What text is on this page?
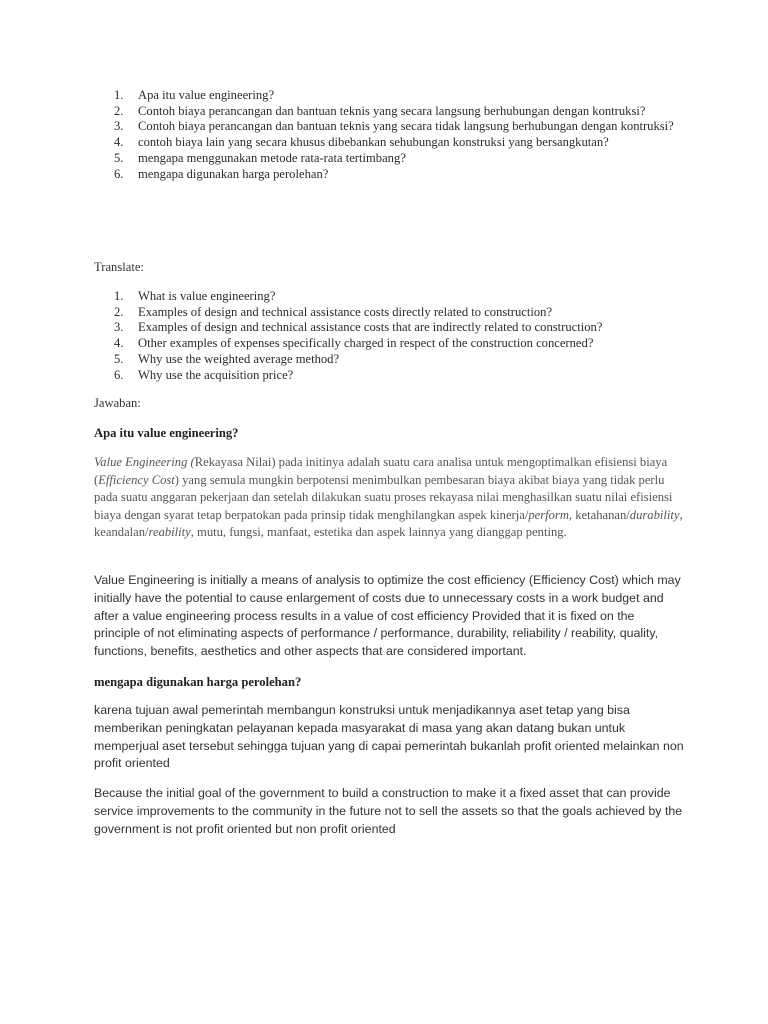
1. Apa itu value engineering?
2. Contoh biaya perancangan dan bantuan teknis yang secara langsung berhubungan dengan kontruksi?
3. Contoh biaya perancangan dan bantuan teknis yang secara tidak langsung berhubungan dengan kontruksi?
4. contoh biaya lain yang secara khusus dibebankan sehubungan konstruksi yang bersangkutan?
5. mengapa menggunakan metode rata-rata tertimbang?
6. mengapa digunakan harga perolehan?

Translate:

1. What is value engineering?
2. Examples of design and technical assistance costs directly related to construction?
3. Examples of design and technical assistance costs that are indirectly related to construction?
4. Other examples of expenses specifically charged in respect of the construction concerned?
5. Why use the weighted average method?
6. Why use the acquisition price?

Jawaban:

Apa itu value engineering?

Value Engineering (Rekayasa Nilai) pada initinya adalah suatu cara analisa untuk mengoptimalkan efisiensi biaya (Efficiency Cost) yang semula mungkin berpotensi menimbulkan pembesaran biaya akibat biaya yang tidak perlu pada suatu anggaran pekerjaan dan setelah dilakukan suatu proses rekayasa nilai menghasilkan suatu nilai efisiensi biaya dengan syarat tetap berpatokan pada prinsip tidak menghilangkan aspek kinerja/perform, ketahanan/durability, keandalan/reability, mutu, fungsi, manfaat, estetika dan aspek lainnya yang dianggap penting.

Value Engineering is initially a means of analysis to optimize the cost efficiency (Efficiency Cost) which may initially have the potential to cause enlargement of costs due to unnecessary costs in a work budget and after a value engineering process results in a value of cost efficiency Provided that it is fixed on the principle of not eliminating aspects of performance / performance, durability, reliability / reability, quality, functions, benefits, aesthetics and other aspects that are considered important.

mengapa digunakan harga perolehan?

karena tujuan awal pemerintah membangun konstruksi untuk menjadikannya aset tetap yang bisa memberikan peningkatan pelayanan kepada masyarakat di masa yang akan datang bukan untuk memperjual aset tersebut sehingga tujuan yang di capai pemerintah bukanlah profit oriented melainkan non profit oriented

Because the initial goal of the government to build a construction to make it a fixed asset that can provide service improvements to the community in the future not to sell the assets so that the goals achieved by the government is not profit oriented but non profit oriented
